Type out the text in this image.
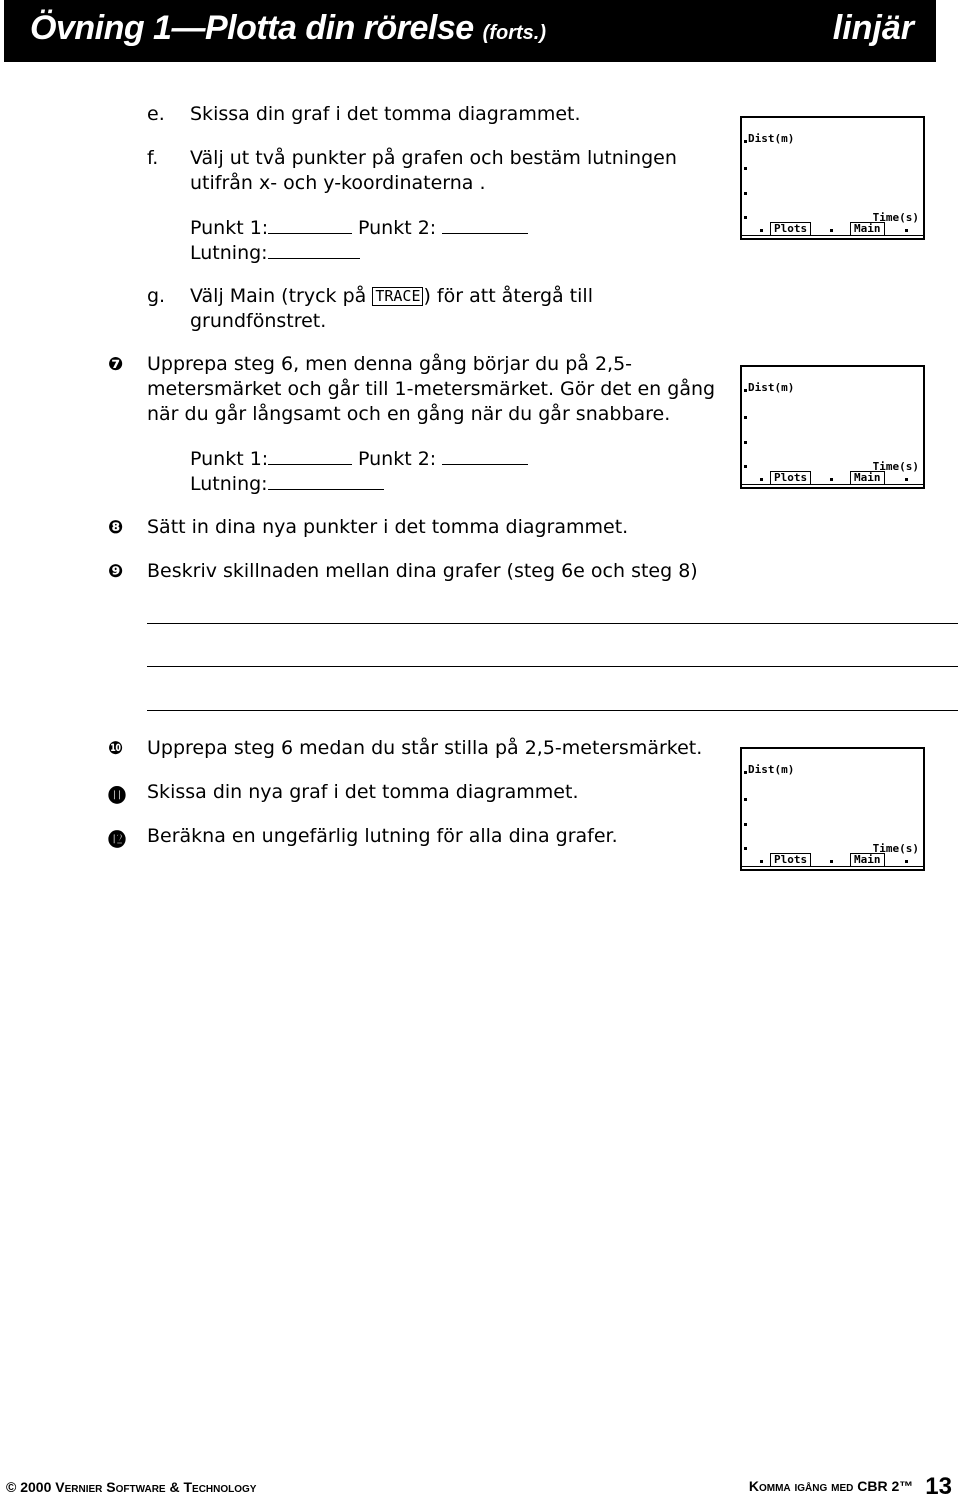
Övning 1—Plotta din rörelse (forts.)	linjär
e. Skissa din graf i det tomma diagrammet.
f. Välj ut två punkter på grafen och bestäm lutningen
utifrån x- och y-koordinaterna .
Punkt 1:	Punkt 2:
Lutning:
g. Välj Main (tryck på TRACE ) för att återgå till
grundfönstret.
❼ Upprepa steg 6, men denna gång börjar du på 2,5-
metersmärket och går till 1-metersmärket. Gör det en gång
när du går långsamt och en gång när du går snabbare.
Punkt 1:	Punkt 2:
Lutning:
❽ Sätt in dina nya punkter i det tomma diagrammet.
❾ Beskriv skillnaden mellan dina grafer (steg 6e och steg 8)
❿ Upprepa steg 6 medan du står stilla på 2,5-metersmärket.
⓫ Skissa din nya graf i det tomma diagrammet.
⓬ Beräkna en ungefärlig lutning för alla dina grafer.
Dist(m)
Time(s)
Plots	Main
Dist(m)
Time(s)
Plots	Main
Dist(m)
Time(s)
Plots	Main
© 2000 Vernier Software & Technology	Komma igång med CBR 2™ 13
